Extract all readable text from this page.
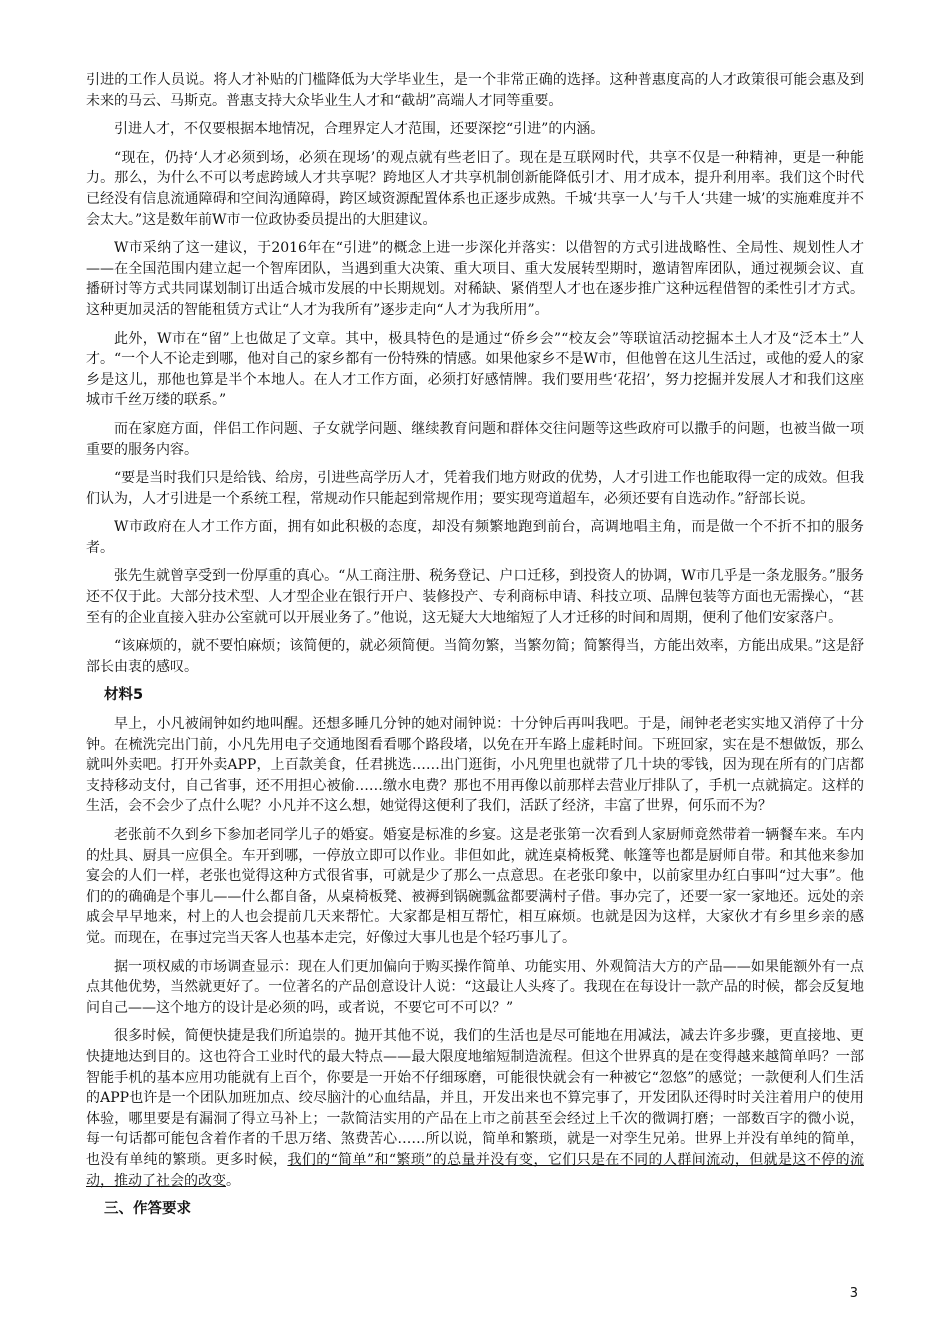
引进的工作人员说。将人才补贴的门槛降低为大学毕业生，是一个非常正确的选择。这种普惠度高的人才政策很可能会惠及到未来的马云、马斯克。普惠支持大众毕业生人才和“截胡”高端人才同等重要。

引进人才，不仅要根据本地情况，合理界定人才范围，还要深挖“引进”的内涵。

“现在，仍持‘人才必须到场，必须在现场’的观点就有些老旧了。现在是互联网时代，共享不仅是一种精神，更是一种能力。那么，为什么不可以考虑跨域人才共享呢？跨地区人才共享机制创新能降低引才、用才成本，提升利用率。我们这个时代已经没有信息流通障碍和空间沟通障碍，跨区域资源配置体系也正逐步成熟。千城‘共享一人’与千人‘共建一城’的实施难度并不会太大。”这是数年前W市一位政协委员提出的大胆建议。

W市采纳了这一建议，于2016年在“引进”的概念上进一步深化并落实：以借智的方式引进战略性、全局性、规划性人才——在全国范围内建立起一个智库团队，当遇到重大决策、重大项目、重大发展转型期时，邀请智库团队，通过视频会议、直播研讨等方式共同谋划制订出适合城市发展的中长期规划。对稀缺、紧俏型人才也在逐步推广这种远程借智的柔性引才方式。这种更加灵活的智能租赁方式让“人才为我所有”逐步走向“人才为我所用”。

此外，W市在“留”上也做足了文章。其中，极具特色的是通过“侨乡会”“校友会”等联谊活动挖掘本土人才及“泛本土”人才。“一个人不论走到哪，他对自己的家乡都有一份特殊的情感。如果他家乡不是W市，但他曾在这儿生活过，或他的爱人的家乡是这儿，那他也算是半个本地人。在人才工作方面，必须打好感情牌。我们要用些‘花招’，努力挖掘并发展人才和我们这座城市千丝万缕的联系。”

而在家庭方面，伴侣工作问题、子女就学问题、继续教育问题和群体交往问题等这些政府可以撒手的问题，也被当做一项重要的服务内容。

“要是当时我们只是给钱、给房，引进些高学历人才，凭着我们地方财政的优势，人才引进工作也能取得一定的成效。但我们认为，人才引进是一个系统工程，常规动作只能起到常规作用；要实现弯道超车，必须还要有自选动作。”舒部长说。

W市政府在人才工作方面，拥有如此积极的态度，却没有频繁地跑到前台，高调地唱主角，而是做一个不折不扣的服务者。

张先生就曾享受到一份厚重的真心。“从工商注册、税务登记、户口迁移，到投资人的协调，W市几乎是一条龙服务。”服务还不仅于此。大部分技术型、人才型企业在银行开户、装修投产、专利商标申请、科技立项、品牌包装等方面也无需操心，“甚至有的企业直接入驻办公室就可以开展业务了。”他说，这无疑大大地缩短了人才迁移的时间和周期，便利了他们安家落户。

“该麻烦的，就不要怕麻烦；该简便的，就必须简便。当简勿繁，当繁勿简；简繁得当，方能出效率，方能出成果。”这是舒部长由衷的感叹。

材料5

早上，小凡被闹钟如约地叫醒。还想多睡几分钟的她对闹钟说：十分钟后再叫我吧。于是，闹钟老老实实地又消停了十分钟。在梳洗完出门前，小凡先用电子交通地图看看哪个路段堵，以免在开车路上虚耗时间。下班回家，实在是不想做饭，那么就叫外卖吧。打开外卖APP，上百款美食，任君挑选……出门逛街，小凡兜里也就带了几十块的零钱，因为现在所有的门店都支持移动支付，自己省事，还不用担心被偷……缴水电费？那也不用再像以前那样去营业厅排队了，手机一点就搞定。这样的生活，会不会少了点什么呢？小凡并不这么想，她觉得这便利了我们，活跃了经济，丰富了世界，何乐而不为？

老张前不久到乡下参加老同学儿子的婚宴。婚宴是标准的乡宴。这是老张第一次看到人家厨师竟然带着一辆餐车来。车内的灶具、厨具一应俱全。车开到哪，一停放立即可以作业。非但如此，就连桌椅板凳、帐篷等也都是厨师自带。和其他来参加宴会的人们一样，老张也觉得这种方式很省事，可就是少了那么一点意思。在老张印象中，以前家里办红白事叫“过大事”。他们的的确确是个事儿——什么都自备，从桌椅板凳、被褥到锅碗瓢盆都要满村子借。事办完了，还要一家一家地还。远处的亲戚会早早地来，村上的人也会提前几天来帮忙。大家都是相互帮忙，相互麻烦。也就是因为这样，大家伙才有乡里乡亲的感觉。而现在，在事过完当天客人也基本走完，好像过大事儿也是个轻巧事儿了。

据一项权威的市场调查显示：现在人们更加偏向于购买操作简单、功能实用、外观简洁大方的产品——如果能额外有一点点其他优势，当然就更好了。一位著名的产品创意设计人说：“这最让人头疼了。我现在在每设计一款产品的时候，都会反复地问自己——这个地方的设计是必须的吗，或者说，不要它可不可以？”

很多时候，简便快捷是我们所追崇的。抛开其他不说，我们的生活也是尽可能地在用减法，减去许多步骤，更直接地、更快捷地达到目的。这也符合工业时代的最大特点——最大限度地缩短制造流程。但这个世界真的是在变得越来越简单吗？一部智能手机的基本应用功能就有上百个，你要是一开始不仔细琢磨，可能很快就会有一种被它“忽悠”的感觉；一款便利人们生活的APP也许是一个团队加班加点、绞尽脑汁的心血结晶，并且，开发出来也不算完事了，开发团队还得时时关注着用户的使用体验，哪里要是有漏洞了得立马补上；一款简洁实用的产品在上市之前甚至会经过上千次的微调打磨；一部数百字的微小说，每一句话都可能包含着作者的千思万绪、煞费苦心……所以说，简单和繁琐，就是一对孪生兄弟。世界上并没有单纯的简单，也没有单纯的繁琐。更多时候，我们的“简单”和“繁琐”的总量并没有变，它们只是在不同的人群间流动，但就是这不停的流动，推动了社会的改变。

三、作答要求
3
